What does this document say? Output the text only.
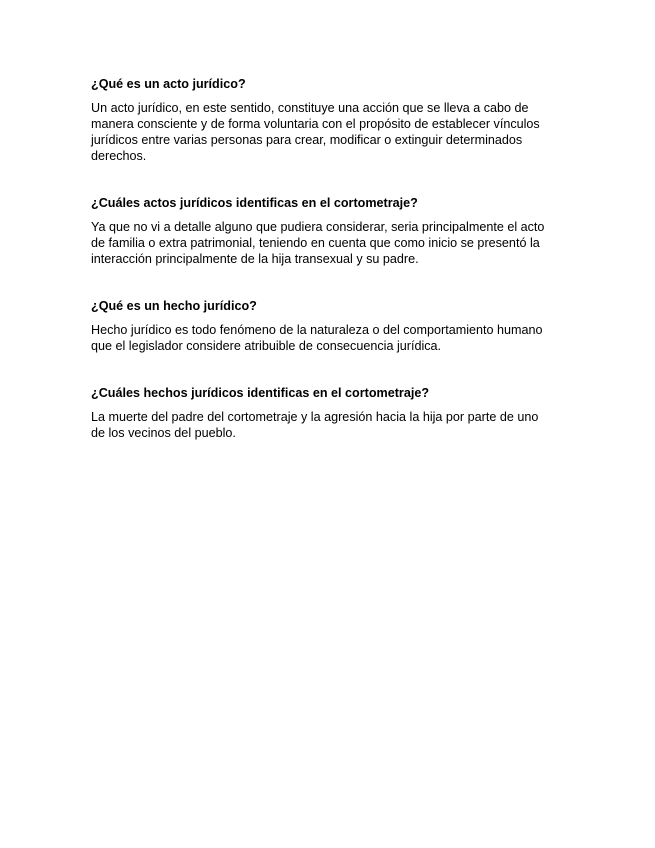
¿Qué es un acto jurídico?

Un acto jurídico, en este sentido, constituye una acción que se lleva a cabo de
manera consciente y de forma voluntaria con el propósito de establecer vínculos
jurídicos entre varias personas para crear, modificar o extinguir determinados
derechos.

¿Cuáles actos jurídicos identificas en el cortometraje?

Ya que no vi a detalle alguno que pudiera considerar, seria principalmente el acto
de familia o extra patrimonial, teniendo en cuenta que como inicio se presentó la
interacción principalmente de la hija transexual y su padre.

¿Qué es un hecho jurídico?

Hecho jurídico es todo fenómeno de la naturaleza o del comportamiento humano
que el legislador considere atribuible de consecuencia jurídica.

¿Cuáles hechos jurídicos identificas en el cortometraje?

La muerte del padre del cortometraje y la agresión hacia la hija por parte de uno
de los vecinos del pueblo.
